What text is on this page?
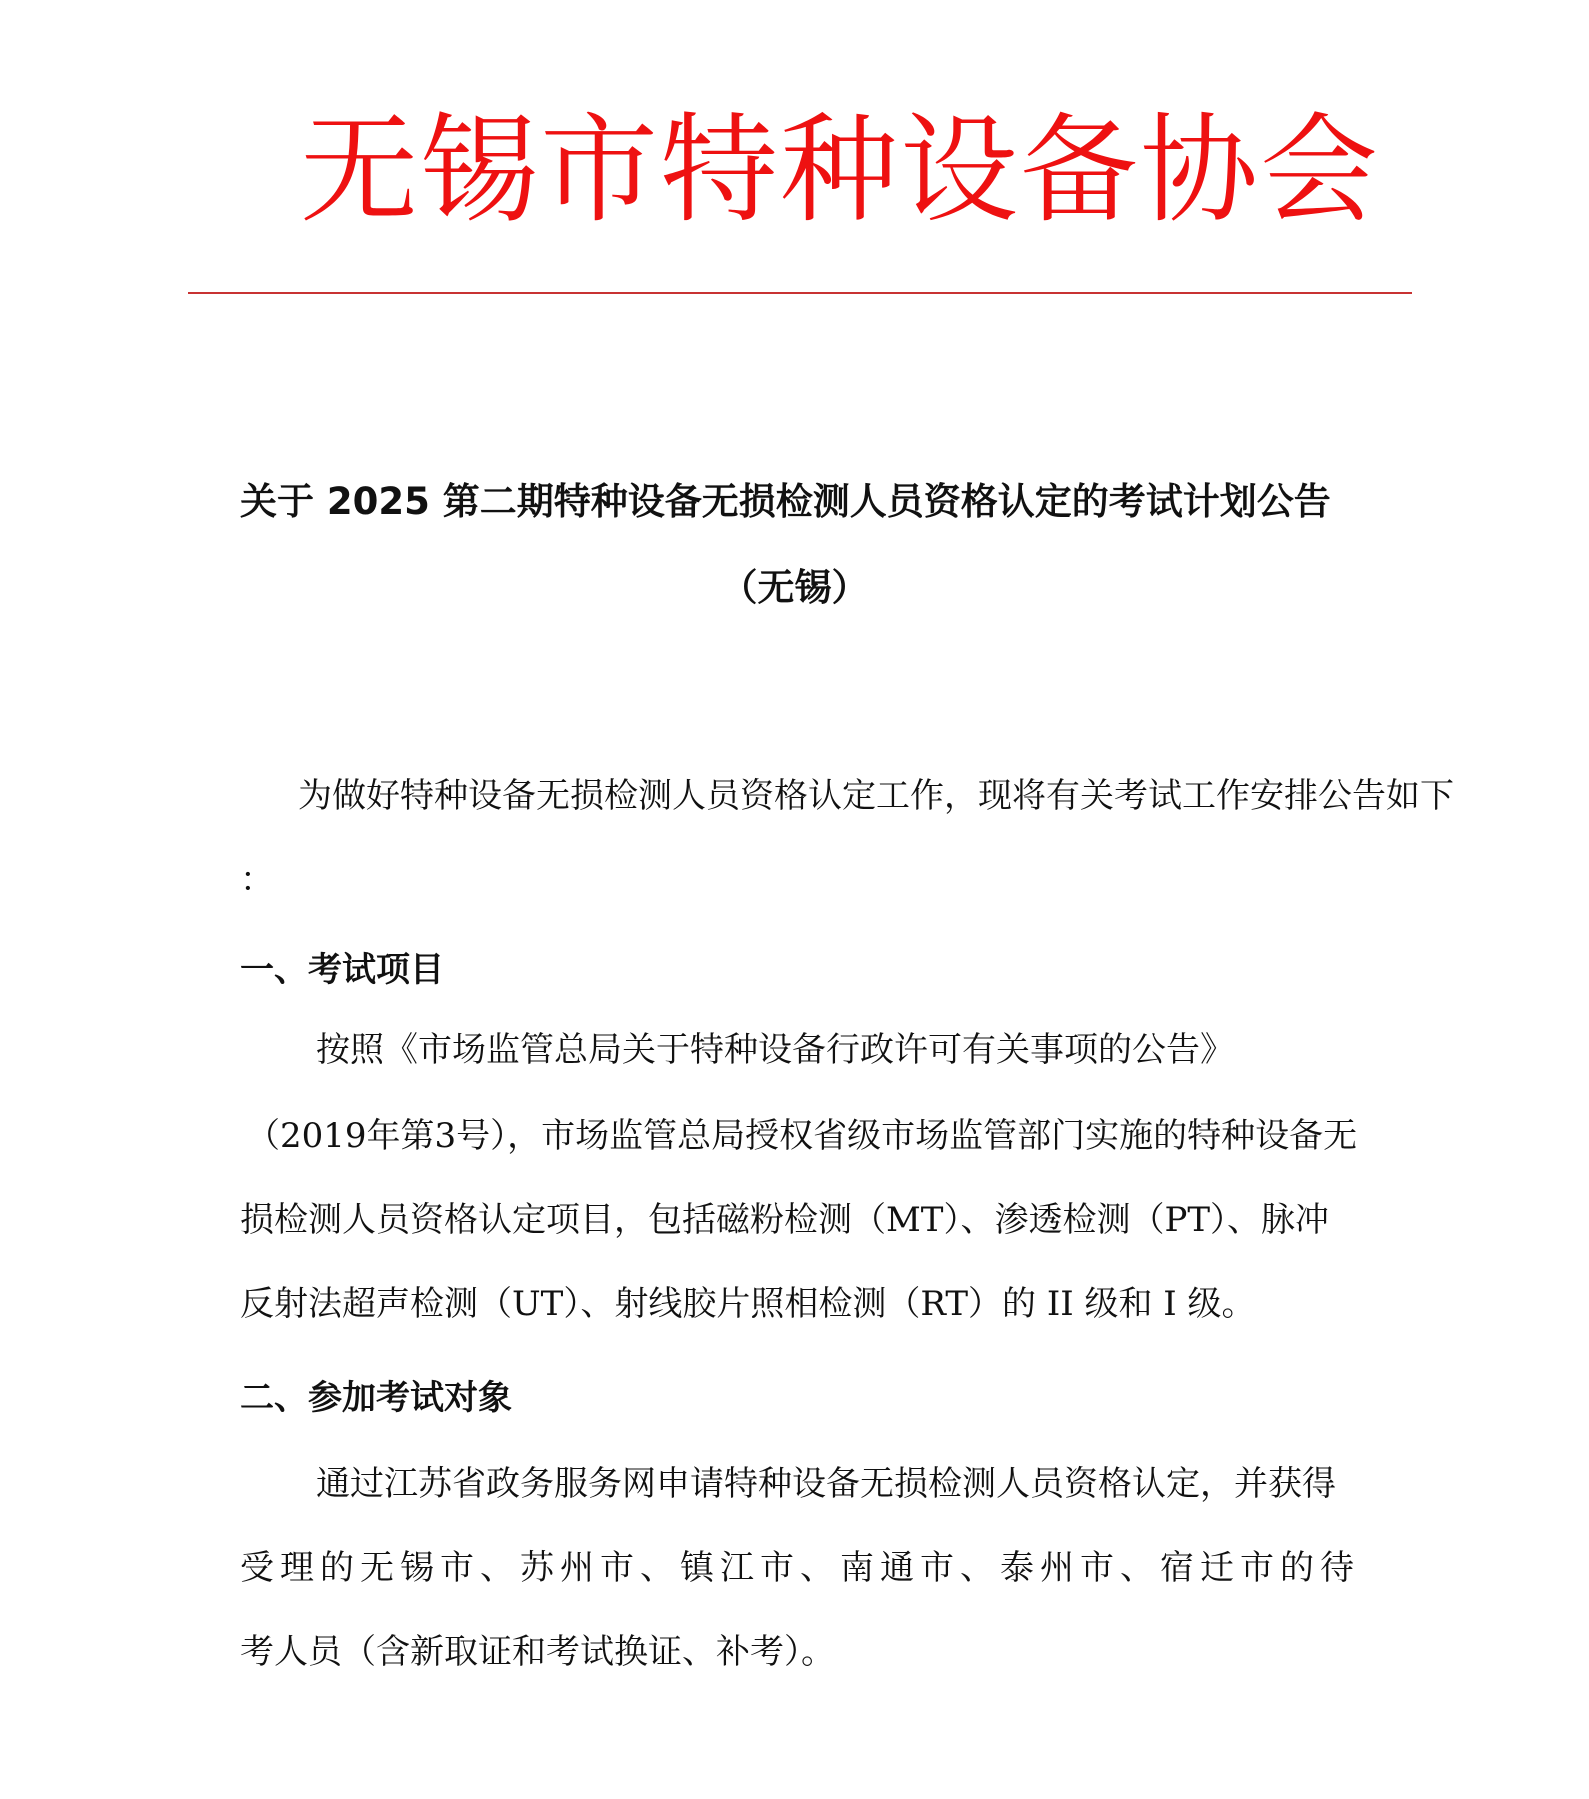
无锡市特种设备协会
关于 2025 第二期特种设备无损检测人员资格认定的考试计划公告
（无锡）
为做好特种设备无损检测人员资格认定工作，现将有关考试工作安排公告如下
：
一、考试项目
按照《市场监管总局关于特种设备行政许可有关事项的公告》
（2019年第3号），市场监管总局授权省级市场监管部门实施的特种设备无
损检测人员资格认定项目，包括磁粉检测（MT）、渗透检测（PT）、脉冲
反射法超声检测（UT）、射线胶片照相检测（RT）的 II 级和 I 级。
二、参加考试对象
通过江苏省政务服务网申请特种设备无损检测人员资格认定，并获得
受理的无锡市、苏州市、镇江市、南通市、泰州市、宿迁市的待
考人员（含新取证和考试换证、补考）。
